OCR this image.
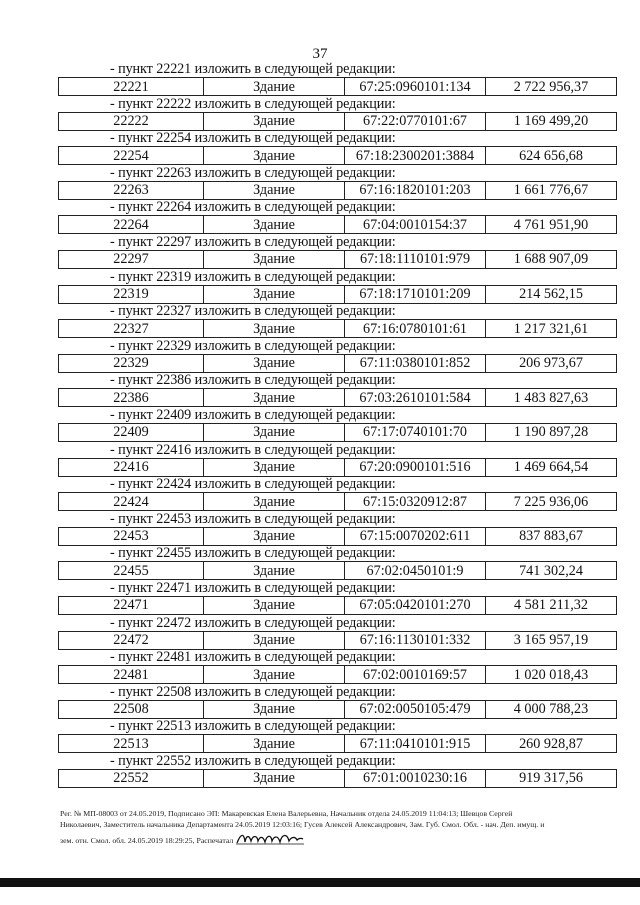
37
- пункт 22221 изложить в следующей редакции:
22221	Здание	67:25:0960101:134	2 722 956,37
- пункт 22222 изложить в следующей редакции:
22222	Здание	67:22:0770101:67	1 169 499,20
- пункт 22254 изложить в следующей редакции:
22254	Здание	67:18:2300201:3884	624 656,68
- пункт 22263 изложить в следующей редакции:
22263	Здание	67:16:1820101:203	1 661 776,67
- пункт 22264 изложить в следующей редакции:
22264	Здание	67:04:0010154:37	4 761 951,90
- пункт 22297 изложить в следующей редакции:
22297	Здание	67:18:1110101:979	1 688 907,09
- пункт 22319 изложить в следующей редакции:
22319	Здание	67:18:1710101:209	214 562,15
- пункт 22327 изложить в следующей редакции:
22327	Здание	67:16:0780101:61	1 217 321,61
- пункт 22329 изложить в следующей редакции:
22329	Здание	67:11:0380101:852	206 973,67
- пункт 22386 изложить в следующей редакции:
22386	Здание	67:03:2610101:584	1 483 827,63
- пункт 22409 изложить в следующей редакции:
22409	Здание	67:17:0740101:70	1 190 897,28
- пункт 22416 изложить в следующей редакции:
22416	Здание	67:20:0900101:516	1 469 664,54
- пункт 22424 изложить в следующей редакции:
22424	Здание	67:15:0320912:87	7 225 936,06
- пункт 22453 изложить в следующей редакции:
22453	Здание	67:15:0070202:611	837 883,67
- пункт 22455 изложить в следующей редакции:
22455	Здание	67:02:0450101:9	741 302,24
- пункт 22471 изложить в следующей редакции:
22471	Здание	67:05:0420101:270	4 581 211,32
- пункт 22472 изложить в следующей редакции:
22472	Здание	67:16:1130101:332	3 165 957,19
- пункт 22481 изложить в следующей редакции:
22481	Здание	67:02:0010169:57	1 020 018,43
- пункт 22508 изложить в следующей редакции:
22508	Здание	67:02:0050105:479	4 000 788,23
- пункт 22513 изложить в следующей редакции:
22513	Здание	67:11:0410101:915	260 928,87
- пункт 22552 изложить в следующей редакции:
22552	Здание	67:01:0010230:16	919 317,56
Рег. № МП-08003 от 24.05.2019, Подписано ЭП: Макаревская Елена Валерьевна, Начальник отдела 24.05.2019 11:04:13; Шевцов Сергей
Николаевич, Заместитель начальника Департамента 24.05.2019 12:03:16; Гусев Алексей Александрович, Зам. Губ. Смол. Обл. - нач. Деп. имущ. и
зем. отн. Смол. обл. 24.05.2019 18:29:25, Распечатал
